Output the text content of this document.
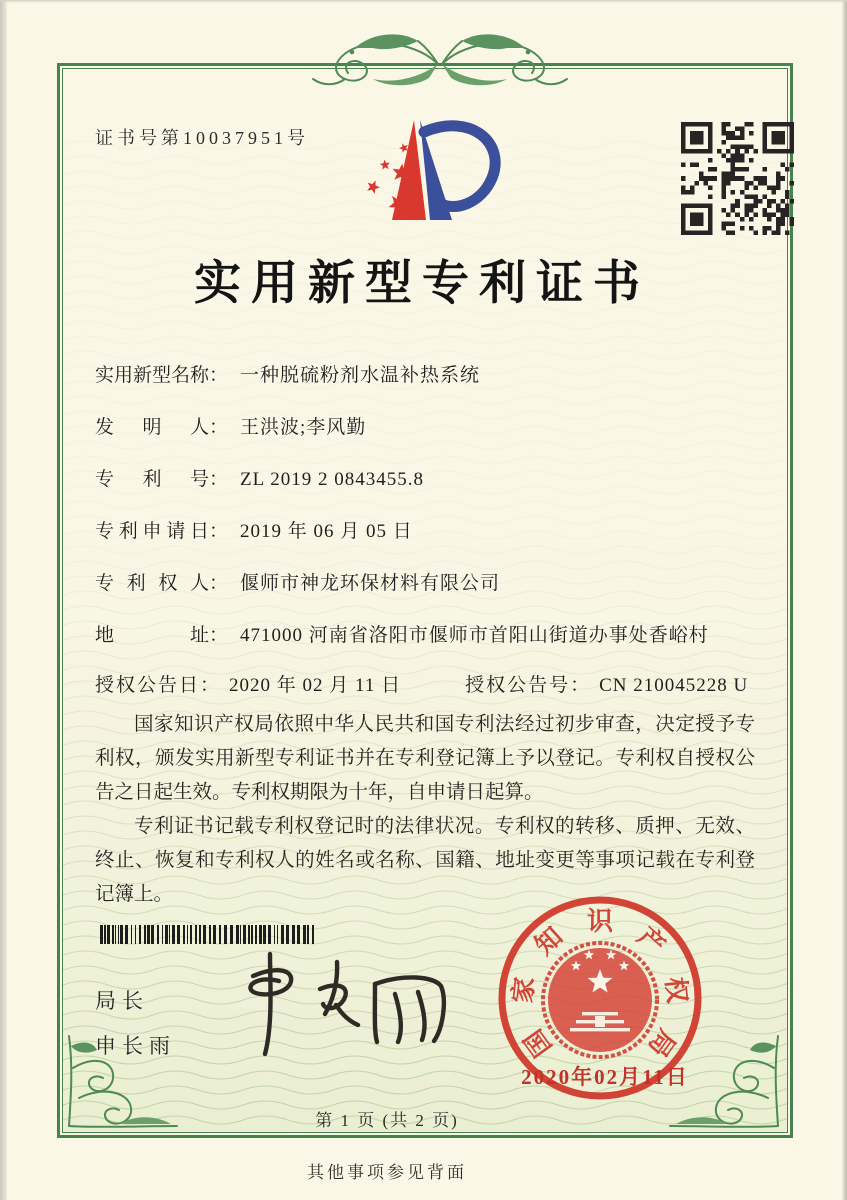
证书号第10037951号
实用新型专利证书
实用新型名称 ： 一种脱硫粉剂水温补热系统
发明人 ： 王洪波;李风勤
专利号 ： ZL 2019 2 0843455.8
专利申请日 ： 2019 年 06 月 05 日
专利权人 ： 偃师市神龙环保材料有限公司
地址 ： 471000 河南省洛阳市偃师市首阳山街道办事处香峪村
授权公告日 ： 2020 年 02 月 11 日	授权公告号 ： CN 210045228 U

国家知识产权局依照中华人民共和国专利法经过初步审查，决定授予专利权，颁发实用新型专利证书并在专利登记簿上予以登记。专利权自授权公告之日起生效。专利权期限为十年，自申请日起算。

专利证书记载专利权登记时的法律状况。专利权的转移、质押、无效、终止、恢复和专利权人的姓名或名称、国籍、地址变更等事项记载在专利登记簿上。

局长
申长雨	国
家
知
识
产
权
局
2020年02月11日
第 1 页 (共 2 页)
其他事项参见背面
